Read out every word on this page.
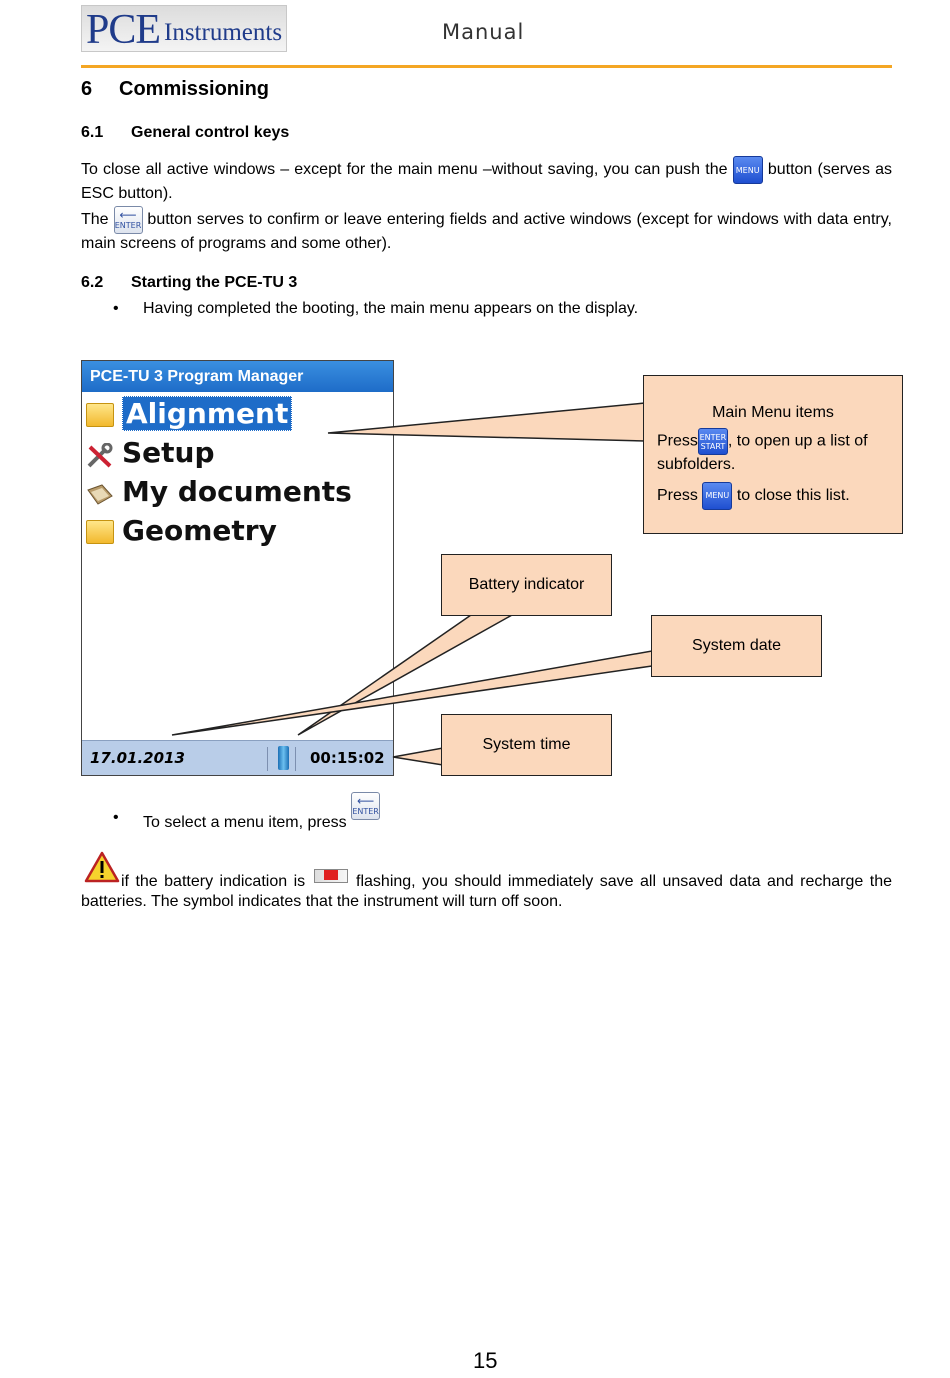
PCE Instruments	Manual
6 Commissioning
6.1 General control keys
To close all active windows – except for the main menu –without saving, you can push the MENU button (serves as ESC button).
The ⟵
ENTER button serves to confirm or leave entering fields and active windows (except for windows with data entry, main screens of programs and some other).
6.2 Starting the PCE-TU 3
• Having completed the booting, the main menu appears on the display.
PCE-TU 3 Program Manager
Alignment
Setup
My documents
Geometry
17.01.2013	00:15:02
Main Menu items
Press ENTER
START , to open up a list of subfolders.
Press MENU to close this list.
Battery indicator
System date
System time
• To select a menu item, press
⟵
ENTER
if the battery indication is	flashing, you should immediately save all unsaved data and recharge the batteries. The symbol indicates that the instrument will turn off soon.
15
